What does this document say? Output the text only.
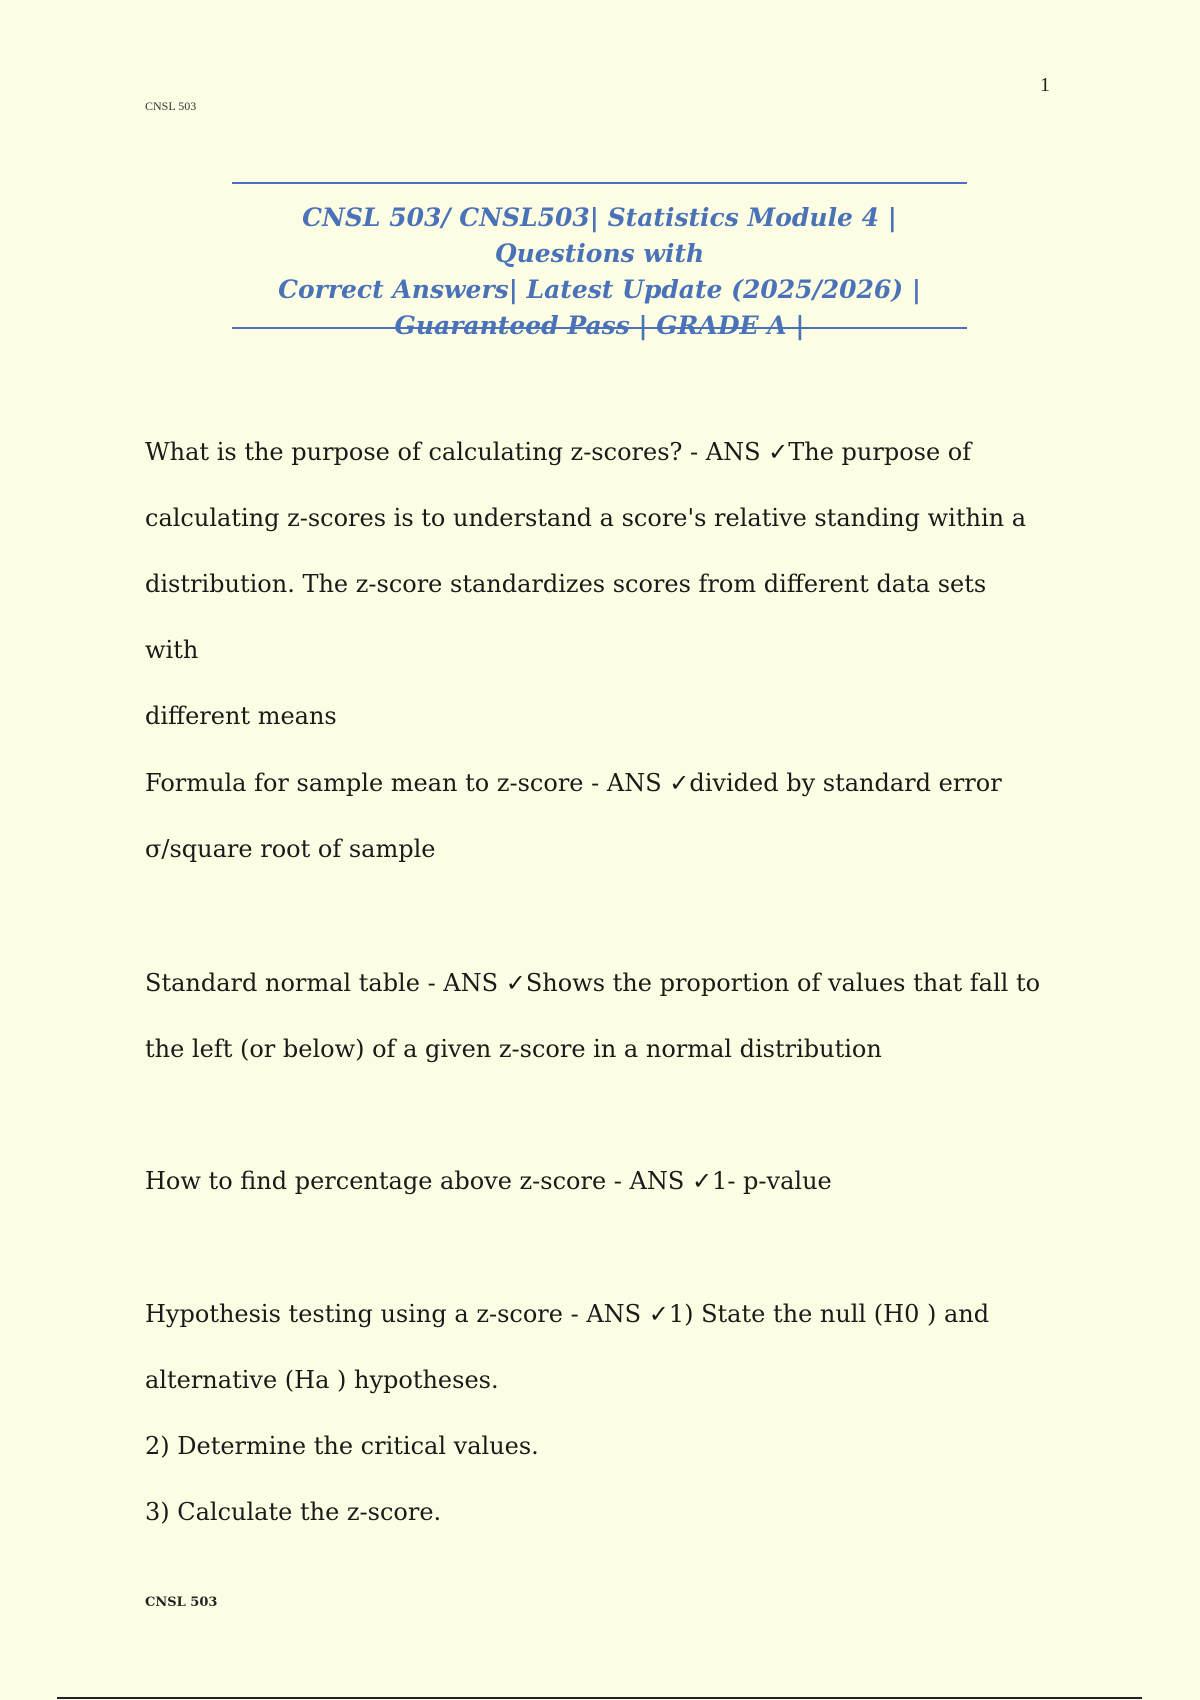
CNSL 503
1
CNSL 503/ CNSL503| Statistics Module 4 | Questions with
Correct Answers| Latest Update (2025/2026) |
Guaranteed Pass | GRADE A |

What is the purpose of calculating z-scores? - ANS ✓The purpose of

calculating z-scores is to understand a score's relative standing within a

distribution. The z-score standardizes scores from different data sets with

different means

Formula for sample mean to z-score - ANS ✓divided by standard error

σ/square root of sample

Standard normal table - ANS ✓Shows the proportion of values that fall to

the left (or below) of a given z-score in a normal distribution

How to find percentage above z-score - ANS ✓1- p-value

Hypothesis testing using a z-score - ANS ✓1) State the null (H0 ) and

alternative (Ha ) hypotheses.

2) Determine the critical values.

3) Calculate the z-score.

CNSL 503
